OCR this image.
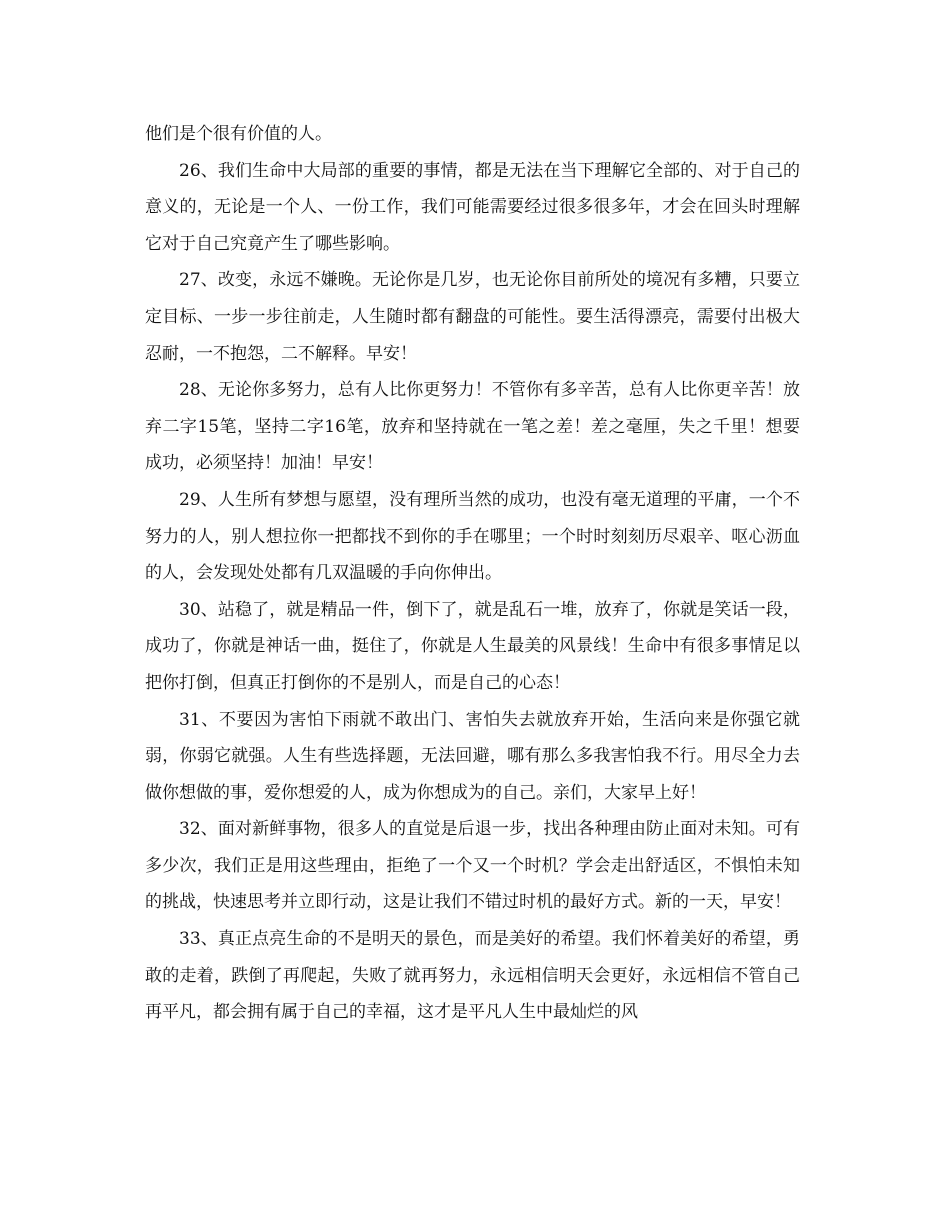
他们是个很有价值的人。

26、我们生命中大局部的重要的事情，都是无法在当下理解它全部的、对于自己的意义的，无论是一个人、一份工作，我们可能需要经过很多很多年，才会在回头时理解它对于自己究竟产生了哪些影响。

27、改变，永远不嫌晚。无论你是几岁，也无论你目前所处的境况有多糟，只要立定目标、一步一步往前走，人生随时都有翻盘的可能性。要生活得漂亮，需要付出极大忍耐，一不抱怨，二不解释。早安！

28、无论你多努力，总有人比你更努力！不管你有多辛苦，总有人比你更辛苦！放弃二字15笔，坚持二字16笔，放弃和坚持就在一笔之差！差之毫厘，失之千里！想要成功，必须坚持！加油！早安！

29、人生所有梦想与愿望，没有理所当然的成功，也没有毫无道理的平庸，一个不努力的人，别人想拉你一把都找不到你的手在哪里；一个时时刻刻历尽艰辛、呕心沥血的人，会发现处处都有几双温暖的手向你伸出。

30、站稳了，就是精品一件，倒下了，就是乱石一堆，放弃了，你就是笑话一段，成功了，你就是神话一曲，挺住了，你就是人生最美的风景线！生命中有很多事情足以把你打倒，但真正打倒你的不是别人，而是自己的心态！

31、不要因为害怕下雨就不敢出门、害怕失去就放弃开始，生活向来是你强它就弱，你弱它就强。人生有些选择题，无法回避，哪有那么多我害怕我不行。用尽全力去做你想做的事，爱你想爱的人，成为你想成为的自己。亲们，大家早上好！

32、面对新鲜事物，很多人的直觉是后退一步，找出各种理由防止面对未知。可有多少次，我们正是用这些理由，拒绝了一个又一个时机？学会走出舒适区，不惧怕未知的挑战，快速思考并立即行动，这是让我们不错过时机的最好方式。新的一天，早安！

33、真正点亮生命的不是明天的景色，而是美好的希望。我们怀着美好的希望，勇敢的走着，跌倒了再爬起，失败了就再努力，永远相信明天会更好，永远相信不管自己再平凡，都会拥有属于自己的幸福，这才是平凡人生中最灿烂的风
